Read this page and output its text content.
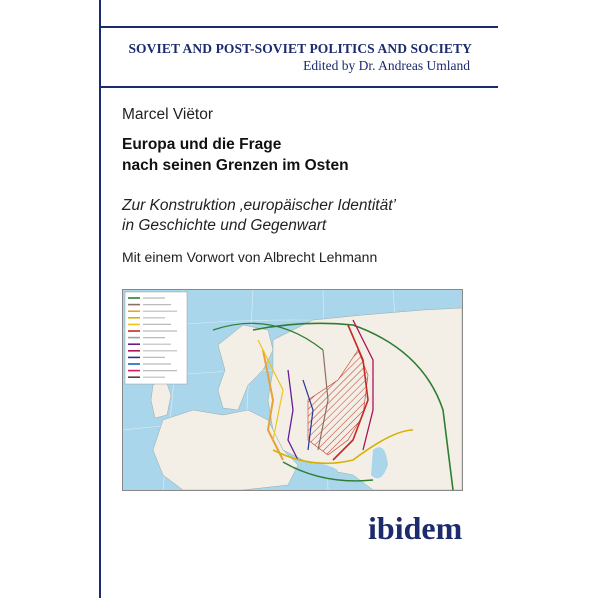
SOVIET AND POST-SOVIET POLITICS AND SOCIETY
Edited by Dr. Andreas Umland
Marcel Viëtor
Europa und die Frage
nach seinen Grenzen im Osten
Zur Konstruktion ‚europäischer Identität’
in Geschichte und Gegenwart
Mit einem Vorwort von Albrecht Lehmann
ibidem
